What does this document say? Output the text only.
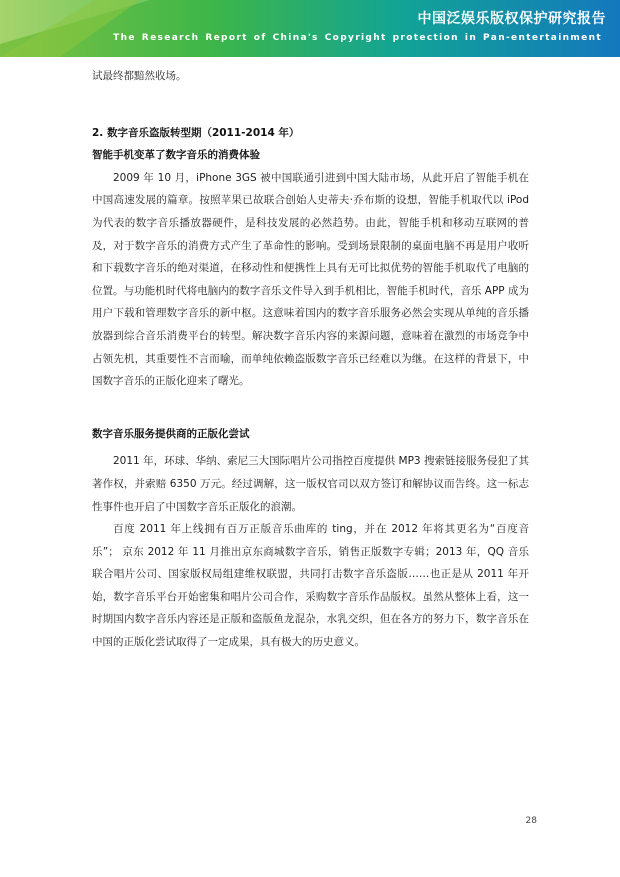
中国泛娱乐版权保护研究报告
The Research Report of China's Copyright protection in Pan-entertainment

试最终都黯然收场。

2. 数字音乐盗版转型期（2011-2014 年）

智能手机变革了数字音乐的消费体验

2009 年 10 月，iPhone 3GS 被中国联通引进到中国大陆市场，从此开启了智能手机在中国高速发展的篇章。按照苹果已故联合创始人史蒂夫·乔布斯的设想，智能手机取代以 iPod 为代表的数字音乐播放器硬件，是科技发展的必然趋势。由此，智能手机和移动互联网的普及，对于数字音乐的消费方式产生了革命性的影响。受到场景限制的桌面电脑不再是用户收听和下载数字音乐的绝对渠道，在移动性和便携性上具有无可比拟优势的智能手机取代了电脑的位置。与功能机时代将电脑内的数字音乐文件导入到手机相比，智能手机时代，音乐 APP 成为用户下载和管理数字音乐的新中枢。这意味着国内的数字音乐服务必然会实现从单纯的音乐播放器到综合音乐消费平台的转型。解决数字音乐内容的来源问题，意味着在激烈的市场竞争中占领先机，其重要性不言而喻，而单纯依赖盗版数字音乐已经难以为继。在这样的背景下，中国数字音乐的正版化迎来了曙光。

数字音乐服务提供商的正版化尝试

2011 年，环球、华纳、索尼三大国际唱片公司指控百度提供 MP3 搜索链接服务侵犯了其著作权，并索赔 6350 万元。经过调解，这一版权官司以双方签订和解协议而告终。这一标志性事件也开启了中国数字音乐正版化的浪潮。

百度 2011 年上线拥有百万正版音乐曲库的 ting，并在 2012 年将其更名为“百度音乐”； 京东 2012 年 11 月推出京东商城数字音乐，销售正版数字专辑；2013 年，QQ 音乐联合唱片公司、国家版权局组建维权联盟，共同打击数字音乐盗版……也正是从 2011 年开始，数字音乐平台开始密集和唱片公司合作，采购数字音乐作品版权。虽然从整体上看，这一时期国内数字音乐内容还是正版和盗版鱼龙混杂，水乳交织，但在各方的努力下，数字音乐在中国的正版化尝试取得了一定成果，具有极大的历史意义。

28
